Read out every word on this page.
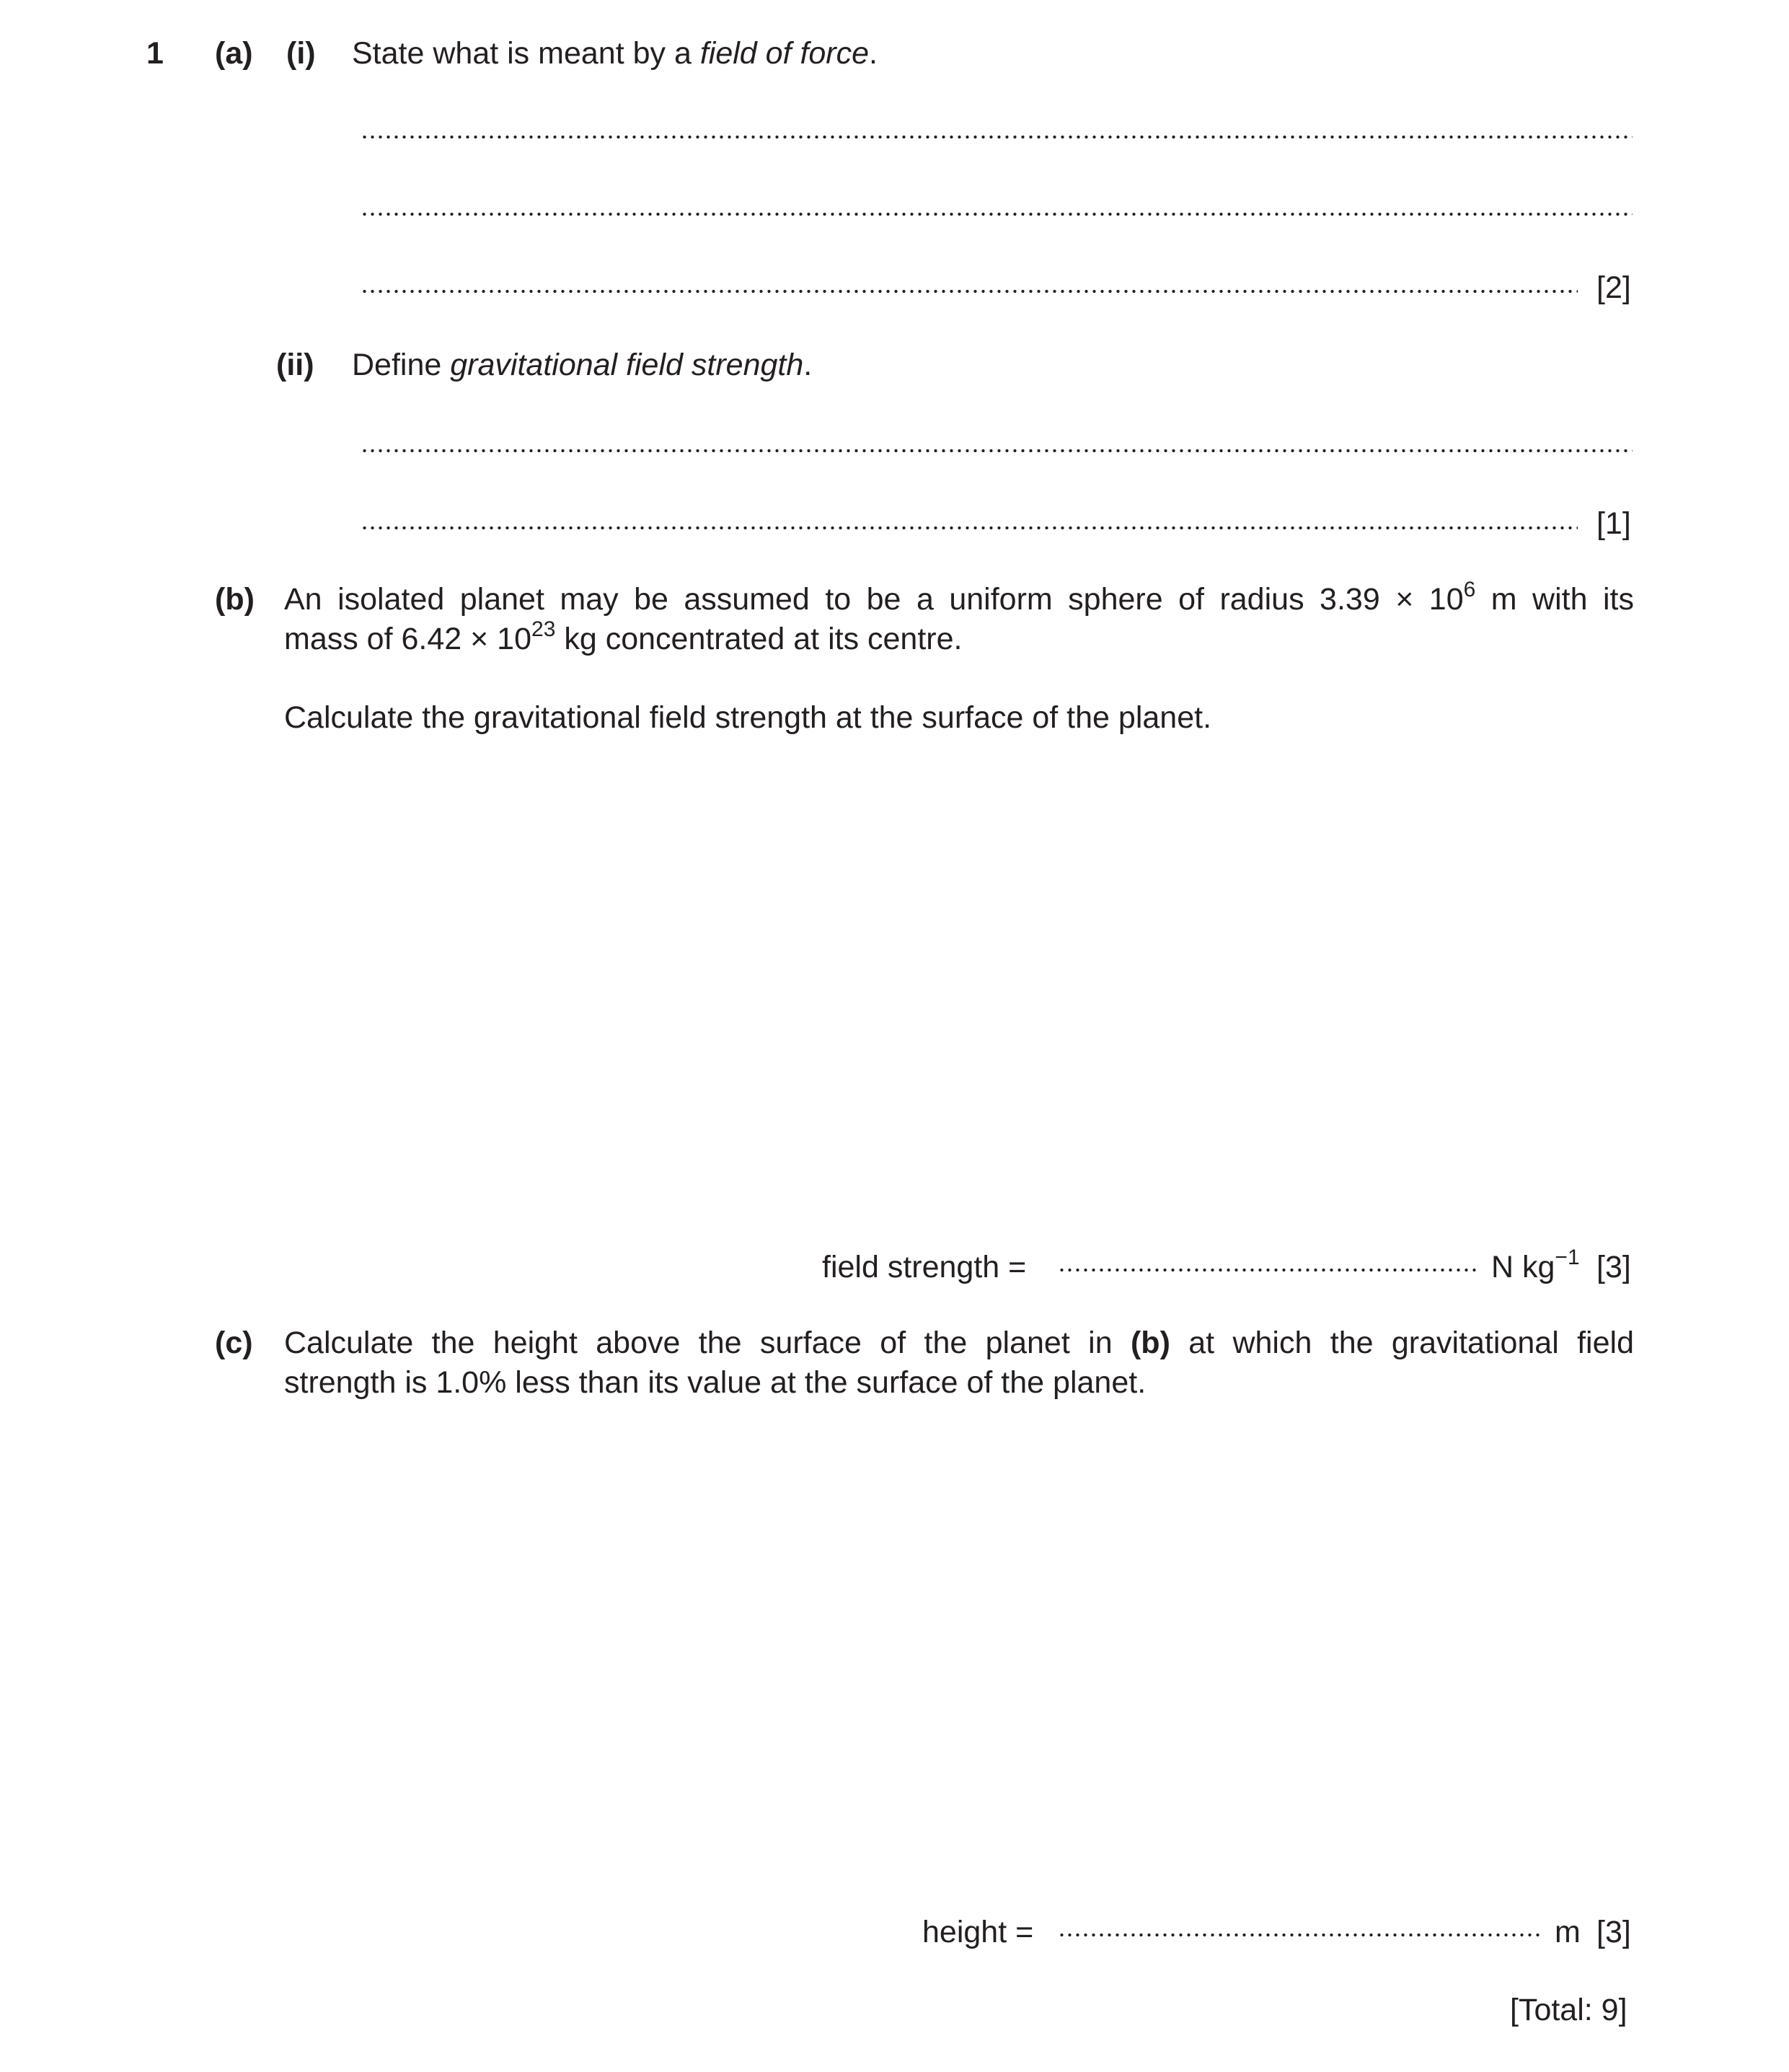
1 (a) (i) State what is meant by a field of force.
[2]
(ii) Define gravitational field strength.
[1]
(b) An isolated planet may be assumed to be a uniform sphere of radius $3.39 \times 10^6$ m with its
mass of $6.42 \times 10^{23}$ kg concentrated at its centre.
Calculate the gravitational field strength at the surface of the planet.
field strength =	N $kg^{-1}$ [3]
(c) Calculate the height above the surface of the planet in (b) at which the gravitational field
strength is 1.0% less than its value at the surface of the planet.
height =	m [3]
[Total: 9]
